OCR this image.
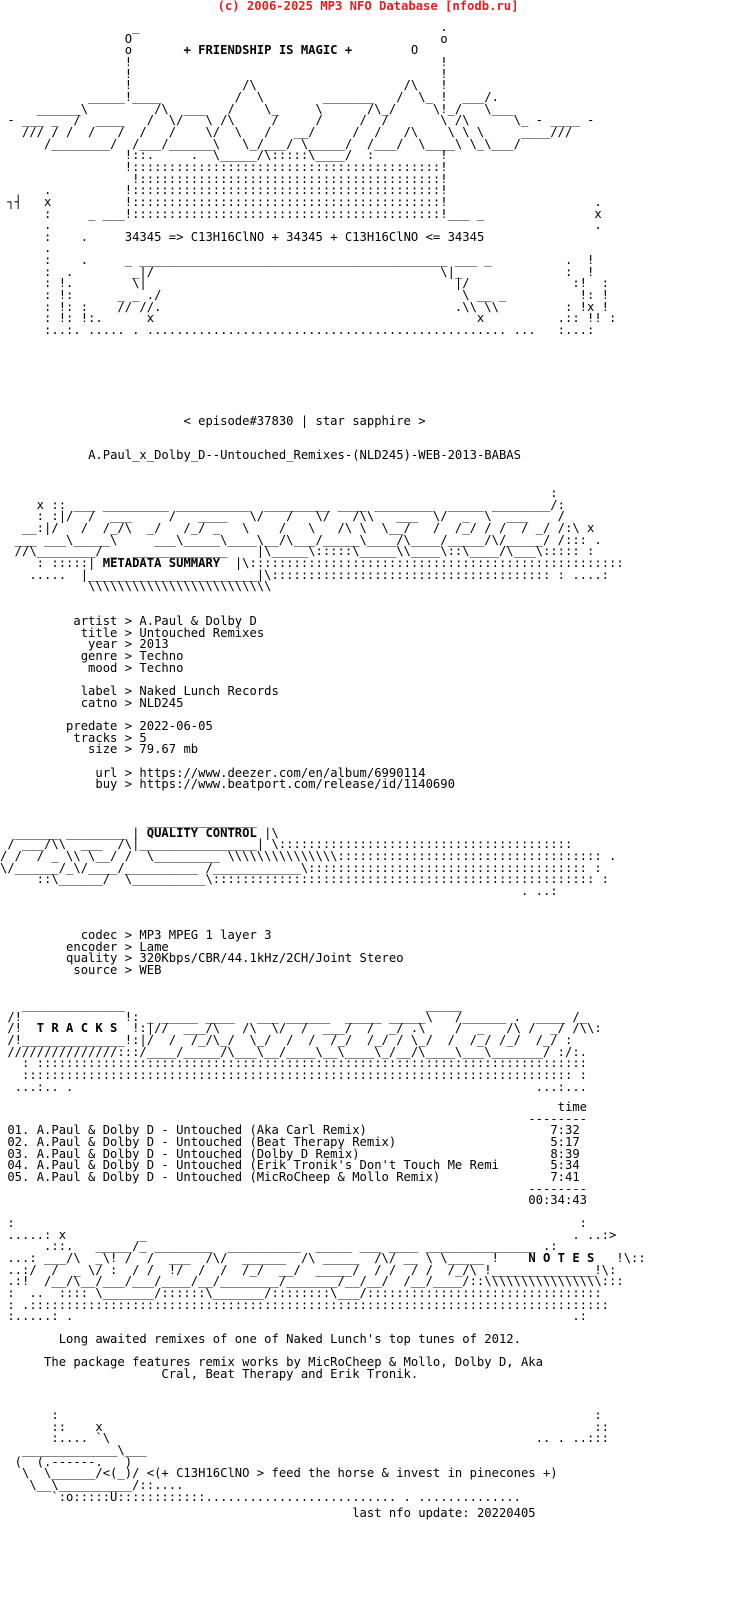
(c) 2006-2025 MP3 NFO Database [nfodb.ru]
_                                         .
O                                          o
o	+ FRIENDSHIP IS MAGIC +	O
!                                          !
!                                          !
!               /\                    /\   !
_____!____          /  \        _______   /  \_ !  ___/.
______\         /\  ___   /    \_     \      /\_/     \!_/   \___
- ___ _  /  ____   /  \/   \ /\     /     /     /  /       \ /\      \_ - ____ -
/// / /  /   /  /   /    \/  \   /   __/     /  /   /\    \ \ \     ____///
/________/  /___/______\   \_/___/ \_____/  /___/  \____\ \_\___/
!::.     .  \_____/\:::::\____/  :         !
!::::::::::::::::::::::::::::::::::::::::::!
!:::::::::::::::::::::::::::::::::::::::::!
.          !::::::::::::::::::::::::::::::::::::::::::!
┐┤   x          !::::::::::::::::::::::::::::::::::::::::::!                    .
:     _ ___!::::::::::::::::::::::::::::::::::::::::::!___ _               x
.                                                                          .
:    .	34345 => C13H16ClNO + 34345 + C13H16ClNO <= 34345
.
:    .     _ __________________________________________ ___ _          .  !
:  .        _|/                                       \|_              :  !
: !.        \|                                          |/              :!  :
: !:      _ _ ./                                         \ __ _          !: !
: !: :    // //.                                        .\\ \\         : !x !
: !: !:.      x                                            x          .:: !! :
:..:. ..... . ................................................. ...   :...:
< episode#37830 | star sapphire >
A.Paul_x_Dolby_D--Untouched_Remixes-(NLD245)-WEB-2013-BABAS
:
x :: ___ _________ __________  _________ ____ ________  _____ ________/:
: :|/  /  ___     /   ____   \/   /   \/   /\\   ___  \/  _  \  ___    /
__:|/   /  /_/\  _/   /_/ _   \    /   \   /\ \  \__/   /  /_/ / /  / _/ /:\ x
___ ___\_____\     ___\_____\____\__/\___/_____\____/\____/_____/\/_____/ /::: .
//\________/ _  _____________    |\_____\:::::\_____\\____\::\____/\___\::::: :
: :::::| METADATA SUMMARY  |\:::::::::::::::::::::::::::::::::::::::::::::::::::
.....  |_______________________|\:::::::::::::::::::::::::::::::::::::: : ....:
\\\\\\\\\\\\\\\\\\\\\\\\\
artist > A.Paul & Dolby D
title > Untouched Remixes
year > 2013
genre > Techno
mood > Techno

label > Naked Lunch Records
catno > NLD245

predate > 2022-06-05
tracks > 5
size > 79.67 mb

url > https://www.deezer.com/en/album/6990114
buy > https://www.beatport.com/release/id/1140690

_______________
______ ________ | QUALITY CONTROL |\
/ ___/\\  ___  /\|________________| \::::::::::::::::::::::::::::::::::::::::
/ /  / _ \\ \__/ /  \_________ \\\\\\\\\\\\\\\:::::::::::::::::::::::::::::::::::: .
\/______/_\/____/__________ /____________\:::::::::::::::::::::::::::::::::::::: :
::\______/  \__________\:::::::::::::::::::::::::::::::::::::::::::::::::::: :
. ..:
codec > MP3 MPEG 1 layer 3
encoder > Lame
quality > 320Kbps/CBR/44.1kHz/2CH/Joint Stereo
source > WEB

______________                                         _____
/!              !: _ _____ ____   ___ ______  _____ _____\   /______ .  ____ /_
/!  T R A C K S  !:|//  ___/\   /\  \/  /  ___/  /  _/ .\    /  _   /\ /  _/ /\\:
/!______________!:|/  /  /_/\_/  \_/  /  /  /_/  /_/ / \_/  /  /_/ /_/  /_/ :
///////////////:::/____/_____/\___\__/____\__\____\_/__/\____\___\_______/ :/:.
: :::::::::::::::::::::::::::::::::::::::::::::::::::::::::::::::::::::::::::
::::::::::::::::::::::::::::::::::::::::::::::::::::::::::::::::::::::::::: :
...:.. .                                                               ...:...
time
--------
01. A.Paul & Dolby D - Untouched (Aka Carl Remix)                         7:32
02. A.Paul & Dolby D - Untouched (Beat Therapy Remix)                     5:17
03. A.Paul & Dolby D - Untouched (Dolby D Remix)                          8:39
04. A.Paul & Dolby D - Untouched (Erik Tronik's Don't Touch Me Remi       5:34
05. A.Paul & Dolby D - Untouched (MicRoCheep & Mollo Remix)               7:41
--------
00:34:43
:                                                                             :
.....: x          _                                                          . ..:>
.::.   _____/_ ________  __________  _____ ___ ____ _______________ .:
...: ___/\  _\! /  /  ___  /\/  ______  /\ _____  /\/ __ \ \_____ !    N O T E S   !\::
..:/  /  _ \/ :  / /  !/  /  /  /_/  __/  _____/  / /  / /  /_/\ !______________!\:
.:!  /__/\__/___/___/____/__/________/_______/__/__/  /__/____/::\\\\\\\\\\\\\\\\:::
:  ..  :::: \_______/::::::\_______/::::::::\___/::::::::::::::::::::::::::::::::
: .:::::::::::::::::::::::::::::::::::::::::::::::::::::::::::::::::::::::::::::::
:.....: .                                                                    .:
Long awaited remixes of one of Naked Lunch's top tunes of 2012.

The package features remix works by MicRoCheep & Mollo, Dolby D, Aka
Cral, Beat Therapy and Erik Tronik.

:                                                                         :
::    x                                                                   ::
:.... `\                                                          .. . ..:::
_____________\___
(  (.------.   )
\  \______/<(_)/ <(+ C13H16ClNO > feed the horse & invest in pinecones +)
\__\__________/::....
`:o:::::U::::::::::::.......................... . ..............
last nfo update: 20220405
